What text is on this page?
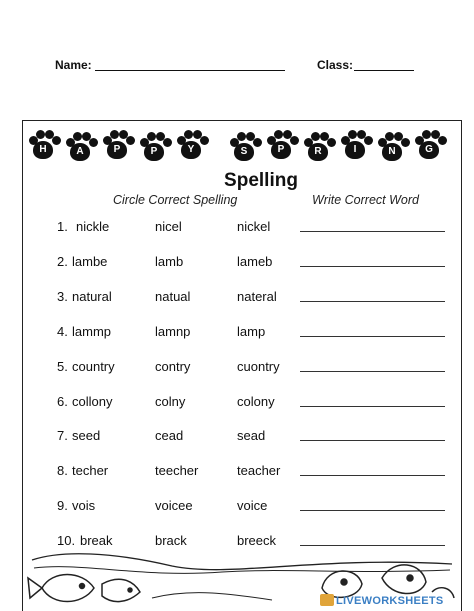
Name:	Class:
H	A	P	P	Y	S	P	R	I	N	G
Spelling
Circle Correct Spelling	Write Correct Word
1. nickle	nicel	nickel
2. lambe	lamb	lameb
3. natural	natual	nateral
4. lammp	lamnp	lamp
5. country	contry	cuontry
6. collony	colny	colony
7. seed	cead	sead
8. techer	teecher	teacher
9. vois	voicee	voice
10. break	brack	breeck
LIVEWORKSHEETS
